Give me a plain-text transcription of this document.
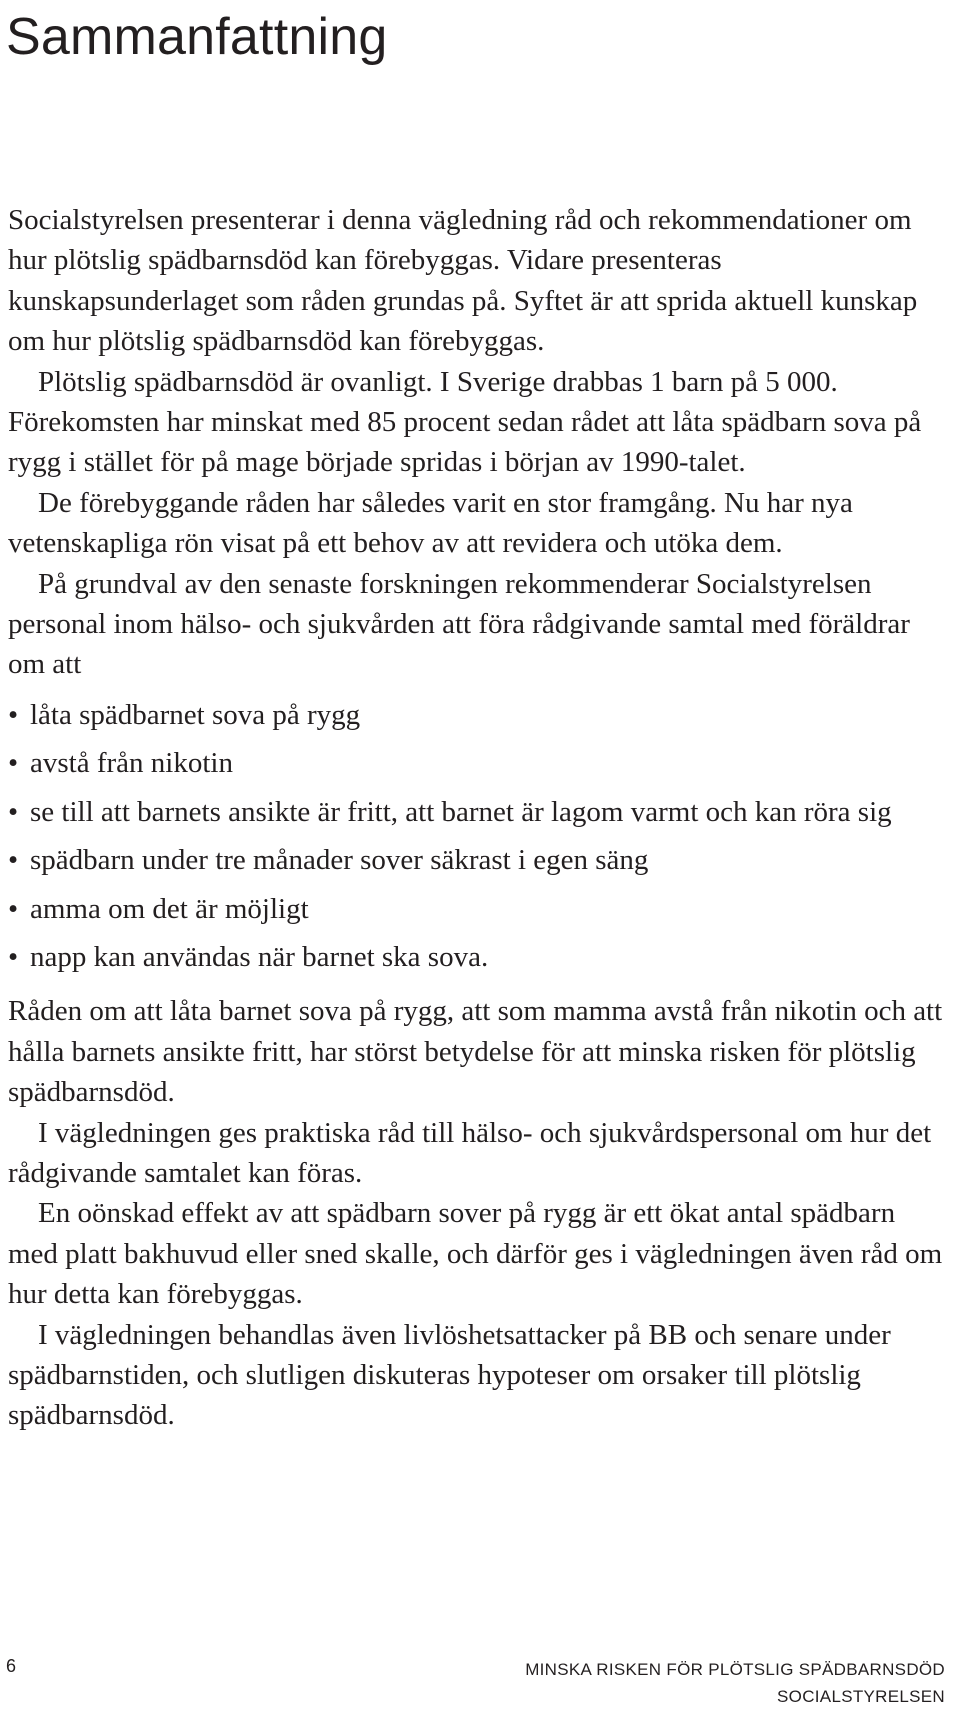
Sammanfattning

Socialstyrelsen presenterar i denna vägledning råd och rekommendationer om hur plötslig spädbarnsdöd kan förebyggas. Vidare presenteras kunskapsunderlaget som råden grundas på. Syftet är att sprida aktuell kunskap om hur plötslig spädbarnsdöd kan förebyggas.

Plötslig spädbarnsdöd är ovanligt. I Sverige drabbas 1 barn på 5 000. Förekomsten har minskat med 85 procent sedan rådet att låta spädbarn sova på rygg i stället för på mage började spridas i början av 1990-talet.

De förebyggande råden har således varit en stor framgång. Nu har nya vetenskapliga rön visat på ett behov av att revidera och utöka dem.

På grundval av den senaste forskningen rekommenderar Socialstyrelsen personal inom hälso- och sjukvården att föra rådgivande samtal med föräldrar om att

• låta spädbarnet sova på rygg
• avstå från nikotin
• se till att barnets ansikte är fritt, att barnet är lagom varmt och kan röra sig
• spädbarn under tre månader sover säkrast i egen säng
• amma om det är möjligt
• napp kan användas när barnet ska sova.

Råden om att låta barnet sova på rygg, att som mamma avstå från nikotin och att hålla barnets ansikte fritt, har störst betydelse för att minska risken för plötslig spädbarnsdöd.

I vägledningen ges praktiska råd till hälso- och sjukvårdspersonal om hur det rådgivande samtalet kan föras.

En oönskad effekt av att spädbarn sover på rygg är ett ökat antal spädbarn med platt bakhuvud eller sned skalle, och därför ges i vägledningen även råd om hur detta kan förebyggas.

I vägledningen behandlas även livlöshetsattacker på BB och senare under spädbarnstiden, och slutligen diskuteras hypoteser om orsaker till plötslig spädbarnsdöd.

6	MINSKA RISKEN FÖR PLÖTSLIG SPÄDBARNSDÖD
SOCIALSTYRELSEN
